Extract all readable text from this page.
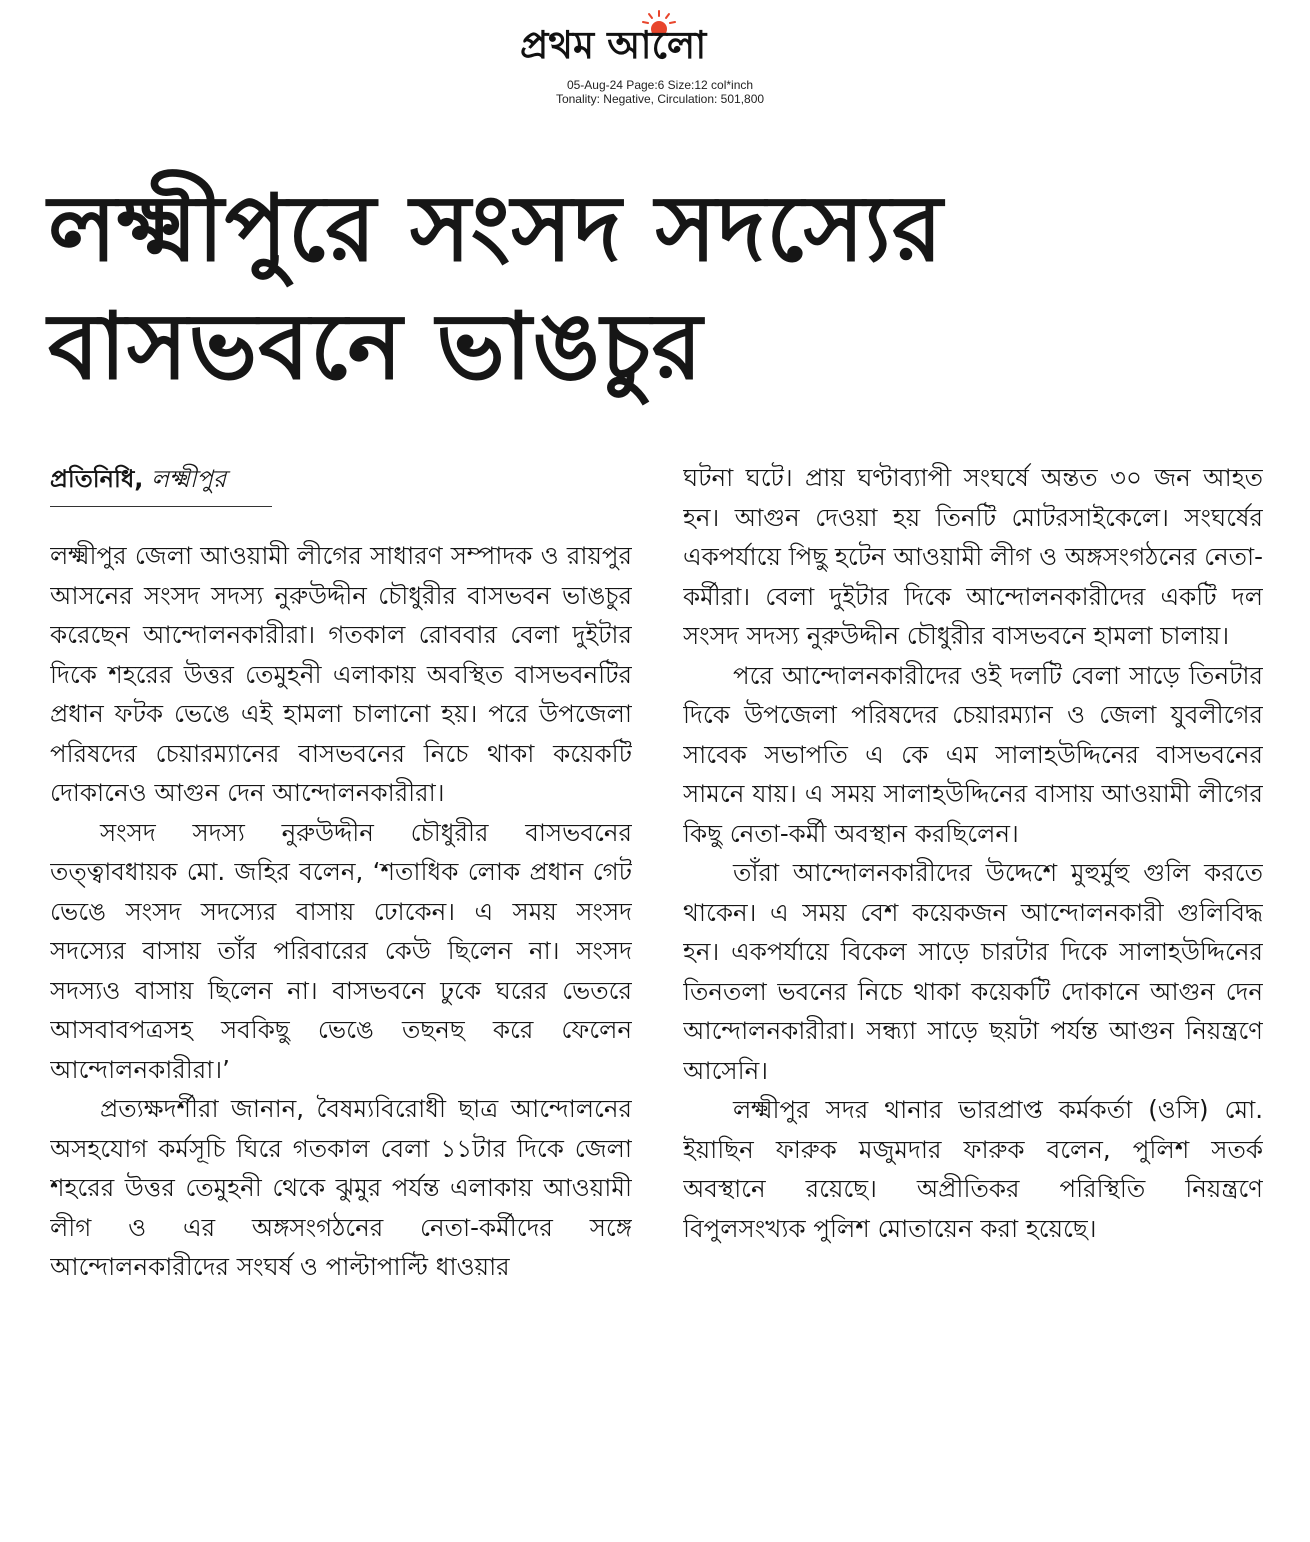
প্রথম আলো
05-Aug-24 Page:6 Size:12 col*inch
Tonality: Negative, Circulation: 501,800
লক্ষ্মীপুরে সংসদ সদস্যের
বাসভবনে ভাঙচুর
প্রতিনিধি, লক্ষ্মীপুর

লক্ষ্মীপুর জেলা আওয়ামী লীগের সাধারণ সম্পাদক ও রায়পুর আসনের সংসদ সদস্য নুরুউদ্দীন চৌধুরীর বাসভবন ভাঙচুর করেছেন আন্দোলনকারীরা। গতকাল রোববার বেলা দুইটার দিকে শহরের উত্তর তেমুহনী এলাকায় অবস্থিত বাসভবনটির প্রধান ফটক ভেঙে এই হামলা চালানো হয়। পরে উপজেলা পরিষদের চেয়ারম্যানের বাসভবনের নিচে থাকা কয়েকটি দোকানেও আগুন দেন আন্দোলনকারীরা।

সংসদ সদস্য নুরুউদ্দীন চৌধুরীর বাসভবনের তত্ত্বাবধায়ক মো. জহির বলেন, ‘শতাধিক লোক প্রধান গেট ভেঙে সংসদ সদস্যের বাসায় ঢোকেন। এ সময় সংসদ সদস্যের বাসায় তাঁর পরিবারের কেউ ছিলেন না। সংসদ সদস্যও বাসায় ছিলেন না। বাসভবনে ঢুকে ঘরের ভেতরে আসবাবপত্রসহ সবকিছু ভেঙে তছনছ করে ফেলেন আন্দোলনকারীরা।’

প্রত্যক্ষদর্শীরা জানান, বৈষম্যবিরোধী ছাত্র আন্দোলনের অসহযোগ কর্মসূচি ঘিরে গতকাল বেলা ১১টার দিকে জেলা শহরের উত্তর তেমুহনী থেকে ঝুমুর পর্যন্ত এলাকায় আওয়ামী লীগ ও এর অঙ্গসংগঠনের নেতা-কর্মীদের সঙ্গে আন্দোলনকারীদের সংঘর্ষ ও পাল্টাপাল্টি ধাওয়ার

ঘটনা ঘটে। প্রায় ঘণ্টাব্যাপী সংঘর্ষে অন্তত ৩০ জন আহত হন। আগুন দেওয়া হয় তিনটি মোটরসাইকেলে। সংঘর্ষের একপর্যায়ে পিছু হটেন আওয়ামী লীগ ও অঙ্গসংগঠনের নেতা-কর্মীরা। বেলা দুইটার দিকে আন্দোলনকারীদের একটি দল সংসদ সদস্য নুরুউদ্দীন চৌধুরীর বাসভবনে হামলা চালায়।

পরে আন্দোলনকারীদের ওই দলটি বেলা সাড়ে তিনটার দিকে উপজেলা পরিষদের চেয়ারম্যান ও জেলা যুবলীগের সাবেক সভাপতি এ কে এম সালাহউদ্দিনের বাসভবনের সামনে যায়। এ সময় সালাহউদ্দিনের বাসায় আওয়ামী লীগের কিছু নেতা-কর্মী অবস্থান করছিলেন।

তাঁরা আন্দোলনকারীদের উদ্দেশে মুহুর্মুহু গুলি করতে থাকেন। এ সময় বেশ কয়েকজন আন্দোলনকারী গুলিবিদ্ধ হন। একপর্যায়ে বিকেল সাড়ে চারটার দিকে সালাহউদ্দিনের তিনতলা ভবনের নিচে থাকা কয়েকটি দোকানে আগুন দেন আন্দোলনকারীরা। সন্ধ্যা সাড়ে ছয়টা পর্যন্ত আগুন নিয়ন্ত্রণে আসেনি।

লক্ষ্মীপুর সদর থানার ভারপ্রাপ্ত কর্মকর্তা (ওসি) মো. ইয়াছিন ফারুক মজুমদার ফারুক বলেন, পুলিশ সতর্ক অবস্থানে রয়েছে। অপ্রীতিকর পরিস্থিতি নিয়ন্ত্রণে বিপুলসংখ্যক পুলিশ মোতায়েন করা হয়েছে।
